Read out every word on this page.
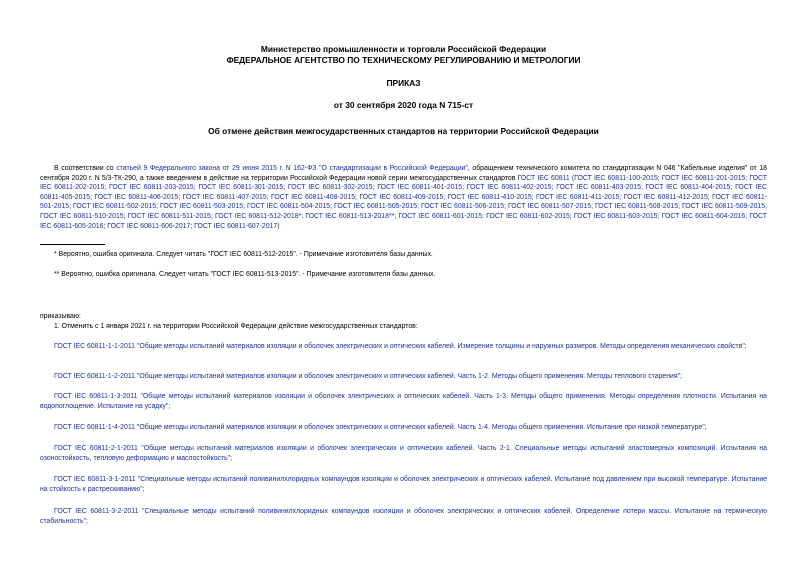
Министерство промышленности и торговли Российской Федерации
ФЕДЕРАЛЬНОЕ АГЕНТСТВО ПО ТЕХНИЧЕСКОМУ РЕГУЛИРОВАНИЮ И МЕТРОЛОГИИ
ПРИКАЗ
от 30 сентября 2020 года N 715-ст
Об отмене действия межгосударственных стандартов на территории Российской Федерации
В соответствии со статьей 9 Федерального закона от 29 июня 2015 г. N 162-ФЗ "О стандартизации в Российской Федерации", обращением технического комитета по стандартизации N 046 "Кабельные изделия" от 18 сентября 2020 г. N 5/3-ТК-290, а также введением в действие на территории Российской Федерации новой серии межгосударственных стандартов ГОСТ IEC 60811 (ГОСТ IEC 60811-100-2015; ГОСТ IEC 60811-201-2015; ГОСТ IEC 60811-202-2015; ГОСТ IEC 60811-203-2015; ГОСТ IEC 60811-301-2015; ГОСТ IEC 60811-302-2015; ГОСТ IEC 60811-401-2015; ГОСТ IEC 60811-402-2015; ГОСТ IEC 60811-403-2015; ГОСТ IEC 60811-404-2015; ГОСТ IEC 60811-405-2015; ГОСТ IEC 60811-406-2015; ГОСТ IEC 60811-407-2015; ГОСТ IEC 60811-408-2015; ГОСТ IEC 60811-409-2015; ГОСТ IEC 60811-410-2015; ГОСТ IEC 60811-411-2015; ГОСТ IEC 60811-412-2015; ГОСТ IEC 60811-501-2015; ГОСТ IEC 60811-502-2015; ГОСТ IEC 60811-503-2015; ГОСТ IEC 60811-504-2015; ГОСТ IEC 60811-505-2015; ГОСТ IEC 60811-506-2015; ГОСТ IEC 60811-507-2015; ГОСТ IEC 60811-508-2015; ГОСТ IEC 60811-509-2015; ГОСТ IEC 60811-510-2015; ГОСТ IEC 60811-511-2015; ГОСТ IEC 60811-512-2018*; ГОСТ IEC 60811-513-2018**; ГОСТ IEC 60811-601-2015; ГОСТ IEC 60811-602-2015; ГОСТ IEC 60811-603-2015; ГОСТ IEC 60811-604-2016; ГОСТ IEC 60811-605-2016; ГОСТ IEC 60811-606-2017; ГОСТ IEC 60811-607-2017)
* Вероятно, ошибка оригинала. Следует читать "ГОСТ IEC 60811-512-2015". - Примечание изготовителя базы данных.
** Вероятно, ошибка оригинала. Следует читать "ГОСТ IEC 60811-513-2015". - Примечание изготовителя базы данных.
приказываю:
1. Отменить с 1 января 2021 г. на территории Российской Федерации действие межгосударственных стандартов:
ГОСТ IEC 60811-1-1-2011 "Общие методы испытаний материалов изоляции и оболочек электрических и оптических кабелей. Измерение толщины и наружных размеров. Методы определения механических свойств";
ГОСТ IEC 60811-1-2-2011 "Общие методы испытаний материалов изоляции и оболочек электрических и оптических кабелей. Часть 1-2. Методы общего применения. Методы теплового старения";
ГОСТ IEC 60811-1-3-2011 "Общие методы испытаний материалов изоляции и оболочек электрических и оптических кабелей. Часть 1-3. Методы общего применения. Методы определения плотности. Испытания на водопоглощение. Испытание на усадку";
ГОСТ IEC 60811-1-4-2011 "Общие методы испытаний материалов изоляции и оболочек электрических и оптических кабелей. Часть 1-4. Методы общего применения. Испытание при низкой температуре";
ГОСТ IEC 60811-2-1-2011 "Общие методы испытаний материалов изоляции и оболочек электрических и оптических кабелей. Часть 2-1. Специальные методы испытаний эластомерных композиций. Испытания на озоностойкость, тепловую деформацию и маслостойкость";
ГОСТ IEC 60811-3-1-2011 "Специальные методы испытаний поливинилхлоридных компаундов изоляции и оболочек электрических и оптических кабелей. Испытание под давлением при высокой температуре. Испытание на стойкость к растрескиванию";
ГОСТ IEC 60811-3-2-2011 "Специальные методы испытаний поливинилхлоридных компаундов изоляции и оболочек электрических и оптических кабелей. Определение потери массы. Испытание на термическую стабильность";
